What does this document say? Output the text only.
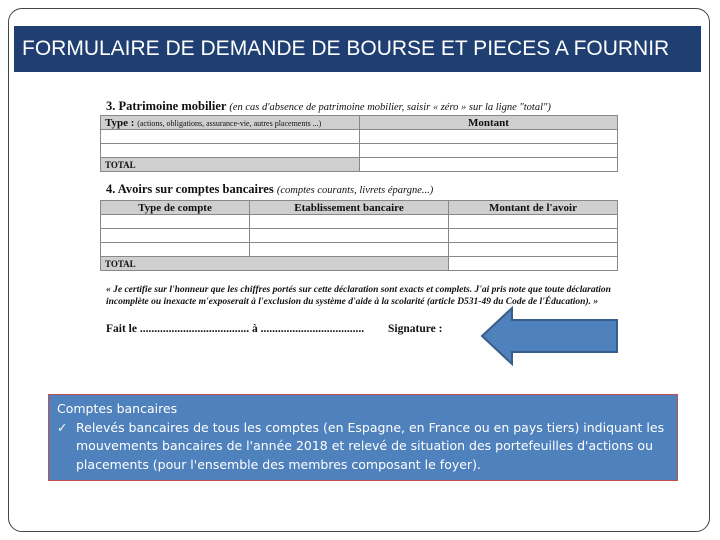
FORMULAIRE DE DEMANDE DE BOURSE ET PIECES A FOURNIR
3. Patrimoine mobilier (en cas d'absence de patrimoine mobilier, saisir « zéro » sur la ligne "total")
Type : (actions, obligations, assurance-vie, autres placements ...)	Montant

TOTAL	
4. Avoirs sur comptes bancaires (comptes courants, livrets épargne...)
Type de compte	Etablissement bancaire	Montant de l'avoir

TOTAL		
« Je certifie sur l'honneur que les chiffres portés sur cette déclaration sont exacts et complets. J'ai pris note que toute déclaration incomplète ou inexacte m'exposerait à l'exclusion du système d'aide à la scolarité (article D531-49 du Code de l'Éducation). »
Fait le ...................................... à .................................... Signature :
Comptes bancaires
✓ Relevés bancaires de tous les comptes (en Espagne, en France ou en pays tiers) indiquant les mouvements bancaires de l'année 2018 et relevé de situation des portefeuilles d'actions ou placements (pour l'ensemble des membres composant le foyer).
